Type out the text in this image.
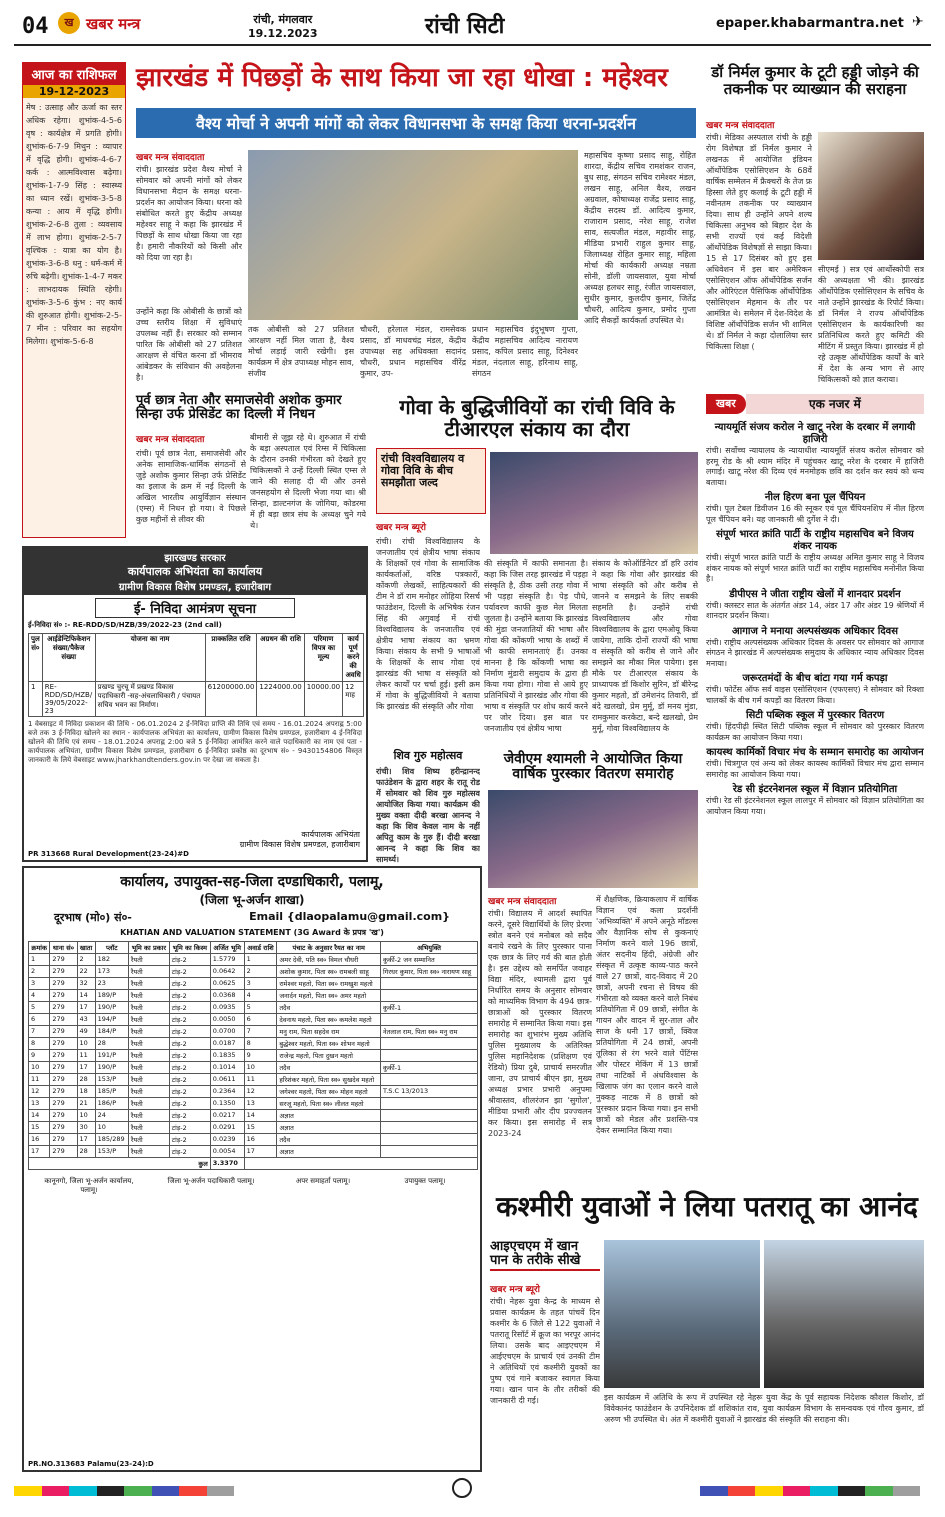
04	ख खबर मन्त्र	रांची, मंगलवार
19.12.2023	रांची सिटी	epaper.khabarmantra.net ✈
आज का राशिफल
19-12-2023
मेष : उत्साह और ऊर्जा का स्तर अधिक रहेगा। शुभांक-4-5-6 वृष : कार्यक्षेत्र में प्रगति होगी। शुभांक-6-7-9 मिथुन : व्यापार में वृद्धि होगी। शुभांक-4-6-7 कर्क : आत्मविश्वास बढ़ेगा। शुभांक-1-7-9 सिंह : स्वास्थ्य का ध्यान रखें। शुभांक-3-5-8 कन्या : आय में वृद्धि होगी। शुभांक-2-6-8 तुला : व्यवसाय में लाभ होगा। शुभांक-2-5-7 वृश्चिक : यात्रा का योग है। शुभांक-3-6-8 धनु : धर्म-कर्म में रुचि बढ़ेगी। शुभांक-1-4-7 मकर : लाभदायक स्थिति रहेगी। शुभांक-3-5-6 कुंभ : नए कार्य की शुरुआत होगी। शुभांक-2-5-7 मीन : परिवार का सहयोग मिलेगा। शुभांक-5-6-8
झारखंड में पिछड़ों के साथ किया जा रहा धोखा : महेश्वर
वैश्य मोर्चा ने अपनी मांगों को लेकर विधानसभा के समक्ष किया धरना-प्रदर्शन
खबर मन्त्र संवाददाता
रांची। झारखंड प्रदेश वैश्य मोर्चा ने सोमवार को अपनी मांगों को लेकर विधानसभा मैदान के समक्ष धरना-प्रदर्शन का आयोजन किया। धरना को संबोधित करते हुए केंद्रीय अध्यक्ष महेश्वर साहू ने कहा कि झारखंड में पिछड़ों के साथ धोखा किया जा रहा है। हमारी नौकरियों को किसी और को दिया जा रहा है।
उन्होंने कहा कि ओबीसी के छात्रों को उच्च स्तरीय शिक्षा में सुविधाएं उपलब्ध नहीं हैं। सरकार को सम्मान पारित कि ओबीसी को 27 प्रतिशत आरक्षण से वंचित करना डॉ भीमराव आंबेडकर के संविधान की अवहेलना है।
तक ओबीसी को 27 प्रतिशत आरक्षण नहीं मिल जाता है, वैश्य मोर्चा लड़ाई जारी रखेगी। इस कार्यक्रम में क्षेत्र उपाध्यक्ष मोहन साव, संजीव
चौधरी, हरेलाल मंडल, रामसेवक प्रसाद, डॉ माधवचंद्र मंडल, केंद्रीय उपाध्यक्ष सह अधिवक्ता सदानंद चौधरी, प्रधान महासचिव वीरेंद्र कुमार, उप-
प्रधान महासचिव इंदुभूषण गुप्ता, केंद्रीय महासचिव आदित्य नारायण प्रसाद, कपिल प्रसाद साहू, दिनेश्वर मंडल, नंदलाल साहू, हरिनाथ साहू, संगठन
महासचिव कृष्णा प्रसाद साहू, रोहित शारदा, केंद्रीय सचिव रामशंकर राजन, बुध साह, संगठन सचिव रामेश्वर मंडल, लखन साहू, अनिल वैश्य, लखन अग्रवाल, कोषाध्यक्ष राजेंद्र प्रसाद साहू, केंद्रीय सदस्य डॉ. आदित्य कुमार, राजाराम प्रसाद, नरेश साहू, राजेश साव, सत्यजीत मंडल, महावीर साहू, मीडिया प्रभारी राहुल कुमार साहू, जिलाध्यक्ष रोहित कुमार साहू, महिला मोर्चा की कार्यकारी अध्यक्ष नम्रता सोनी, डॉली जायसवाल, युवा मोर्चा अध्यक्ष हलधर साहू, रंजीत जायसवाल, सुधीर कुमार, कुलदीप कुमार, जितेंद्र चौधरी, आदित्य कुमार, प्रमोद गुप्ता आदि सैकड़ों कार्यकर्ता उपस्थित थे।
डॉ निर्मल कुमार के टूटी हड्डी जोड़ने की तकनीक पर व्याख्यान की सराहना
खबर मन्त्र संवाददाता
रांची। मेडिका अस्पताल रांची के हड्डी रोग विशेषज्ञ डॉ निर्मल कुमार ने लखनऊ में आयोजित इंडियन ऑर्थोपेडिक एसोसिएशन के 68वें वार्षिक सम्मेलन में फ्रैक्चरों के तेज फ्र हिस्सा लेते हुए कलाई के टूटी हड्डी में नवीनतम तकनीक पर व्याख्यान दिया। साथ ही उन्होंने अपने शल्य चिकित्सा अनुभव को बिहार देश के सभी राज्यों एवं कई विदेशी ऑर्थोपेडिक विशेषज्ञों से साझा किया। 15 से 17 दिसंबर को हुए इस अधिवेशन में इस बार अमेरिकन एसोसिएशन ऑफ ऑर्थोपेडिक सर्जन और ओरिएंटल पैसिफिक ऑर्थोपेडिक एसोसिएशन मेहमान के तौर पर आमंत्रित थे। समेलन में देश-विदेश के विशिष्ट ऑर्थोपेडिक सर्जन भी शामिल थे। डॉ निर्मल ने कहा दोलालिया स्तर चिकित्सा शिक्षा (
सीएमई ) सत्र एवं आर्थोस्कोपी सत्र की अध्यक्षता भी की। झारखंड ऑर्थोपेडिक एसोसिएशन के सचिव के नाते उन्होंने झारखंड के रिपोर्ट किया। डॉ निर्मल ने राज्य ऑर्थोपेडिक एसोसिएशन के कार्यकारिणी का प्रतिनिधित्व करते हुए कमिटी की मीटिंग में प्रस्तुत किया। झारखंड में हो रहे उत्कृष्ट ऑर्थोपेडिक कार्यों के बारे में देश के अन्य भाग से आए चिकित्सकों को ज्ञात कराया।
पूर्व छात्र नेता और समाजसेवी अशोक कुमार सिन्हा उर्फ प्रेसिडेंट का दिल्ली में निधन
खबर मन्त्र संवाददाता
रांची। पूर्व छात्र नेता, समाजसेवी और अनेक सामाजिक-धार्मिक संगठनों से जुड़े अशोक कुमार सिन्हा उर्फ प्रेसिडेंट का इलाज के क्रम में नई दिल्ली के अखिल भारतीय आयुर्विज्ञान संस्थान (एम्स) में निधन हो गया। वे पिछले कुछ महीनों से लीवर की
बीमारी से जूझ रहे थे। शुरुआत में रांची के बड़ा अस्पताल एवं रिम्स में चिकित्सा के दौरान उनकी गंभीरता को देखते हुए चिकित्सकों ने उन्हें दिल्ली स्थित एम्स ले जाने की सलाह दी थी और उनसे जनसहयोग से दिल्ली भेजा गया था। श्री सिन्हा, डाल्टनगंज के जोगिया, कोडरमा में ही बड़ा छात्र संघ के अध्यक्ष चुने गये थे।
गोवा के बुद्धिजीवियों का रांची विवि के टीआरएल संकाय का दौरा
रांची विश्वविद्यालय व गोवा विवि के बीच समझौता जल्द
खबर मन्त्र ब्यूरो
रांची। रांची विश्वविद्यालय के जनजातीय एवं क्षेत्रीय भाषा संकाय के शिक्षकों एवं गोवा के सामाजिक कार्यकर्ताओं, वरिष्ठ पत्रकारों, कोंकणी लेखकों, साहित्यकारों की टीम ने डॉ राम मनोहर लोहिया रिसर्च फाउंडेशन, दिल्ली के अभिषेक रंजन सिंह की अगुवाई में रांची विश्वविद्यालय के जनजातीय एवं क्षेत्रीय भाषा संकाय का भ्रमण किया। संकाय के सभी 9 भाषाओं के शिक्षकों के साथ गोवा एवं झारखंड की भाषा व संस्कृति को लेकर कार्यों पर चर्चा हुई। इसी क्रम में गोवा के बुद्धिजीवियों ने बताया कि झारखंड की संस्कृति और गोवा
की संस्कृति में काफी समानता है। कहा कि जिस तरह झारखंड में पड़हा संस्कृति है, ठीक उसी तरह गोवा में भी पड़हा संस्कृति है। पेड़ पौधे, पर्यावरण काफी कुछ मेल मिलता जुलता है। उन्होंने बताया कि झारखंड की मुंडा जनजातियों की भाषा और गोवा की कोंकणी भाषा के शब्दों में भी काफी समानताएं हैं। उनका मानना है कि कोंकणी भाषा का निर्माण मुंडारी समुदाय के द्वारा ही किया गया होगा। गोवा से आये हुए प्रतिनिधियों ने झारखंड और गोवा की भाषा व संस्कृति पर शोध कार्य करने पर जोर दिया। इस बात पर जनजातीय एवं क्षेत्रीय भाषा
संकाय के कोऑर्डिनेटर डॉ हरि उरांव ने कहा कि गोवा और झारखंड की भाषा संस्कृति को और करीब से जानने व समझने के लिए सबकी सहमति है। उन्होंने रांची विश्वविद्यालय और गोवा विश्वविद्यालय के द्वारा एमओयू किया जायेगा, ताकि दोनों राज्यों की भाषा व संस्कृति को करीब से जाने और समझने का मौका मिल पायेगा। इस मौके पर टीआरएल संकाय के प्राध्यापक डॉ किशोर सुरिन, डॉ बीरेन्द्र कुमार महतो, डॉ उमेशनंद तिवारी, डॉ बंदे खलखो, प्रेम मुर्मू, डॉ मनय मुंडा, रामकुमार करकेटा, बन्दे खलखो, प्रेम मुर्मू, गोवा विश्वविद्यालय के
शिव गुरु महोत्सव
रांची। शिव शिष्य हरीन्द्रानन्द फाउंडेशन के द्वारा शहर के रातू रोड में सोमवार को शिव गुरु महोत्सव आयोजित किया गया। कार्यक्रम की मुख्य वक्ता दीदी बरखा आनन्द ने कहा कि शिव केवल नाम के नहीं अपितु काम के गुरु हैं। दीदी बरखा आनन्द ने कहा कि शिव का सामर्थ्य।
जेवीएम श्यामली ने आयोजित किया वार्षिक पुरस्कार वितरण समारोह
खबर मन्त्र संवाददाता
रांची। विद्यालय में आदर्श स्थापित करने, दूसरे विद्यार्थियों के लिए प्रेरणा स्त्रोत बनने एवं मनोबल को सदैव बनाये रखने के लिए पुरस्कार पाना एक छात्र के लिए गर्व की बात होती है। इस उद्देश्य को समर्पित जवाहर विद्या मंदिर, श्यामली द्वारा पूर्व निर्धारित समय के अनुसार सोमवार को माध्यमिक विभाग के 494 छात्र-छात्राओं को पुरस्कार वितरण समारोह में सम्मानित किया गया। इस समारोह का शुभारंभ मुख्य अतिथि पुलिस मुख्यालय के अतिरिक्त पुलिस महानिदेशक (प्रशिक्षण एवं रेडियो) प्रिया दुबे, प्राचार्य समरजीत जाना, उप प्राचार्य बीएन झा, मुख्य अध्यक्ष प्रभार प्रभारी अनुपमा श्रीवास्तव, शीलरंजन झा 'सुगोल', मीडिया प्रभारी और दीप प्रज्ज्वलन कर किया। इस समारोह में सत्र 2023-24
में शैक्षणिक, क्रियाकलाप में वार्षिक विज्ञान एवं कला प्रदर्शनी 'अभिव्यक्ति' में अपने अनूठे मॉडल्स और वैज्ञानिक सोच से कुकनाएं निर्माण करने वाले 196 छात्रों, अंतर सदनीय हिंदी, अंग्रेजी और संस्कृत में उत्कृष्ट काव्य-पाठ करने वाले 27 छात्रों, वाद-विवाद में 20 छात्रों, अपनी रचना से विषय की गंभीरता को व्यक्त करने वाले निबंध प्रतियोगिता में 09 छात्रों, संगीत के गायन और वादन में सुर-ताल और साज के धनी 17 छात्रों, क्विज प्रतियोगिता में 24 छात्रों, अपनी तूलिका से रंग भरने वाले पेंटिंग्स और पोस्टर मेकिंग में 13 छात्रों तथा नाटिकों में अंधविश्वास के खिलाफ जंग का एलान करने वाले नुक्कड़ नाटक में 8 छात्रों को पुरस्कार प्रदान किया गया। इन सभी छात्रों को मेडल और प्रशस्ति-पत्र देकर सम्मानित किया गया।
झारखण्ड सरकार
कार्यपालक अभियंता का कार्यालय
ग्रामीण विकास विशेष प्रमण्डल, हजारीबाग
ई- निविदा आमंत्रण सूचना
ई-निविदा सं० :- RE-RDD/SD/HZB/39/2022-23 (2nd call)
पुल सं०	आईडेन्टिफिकेशन संख्या/पैकेज संख्या	योजना का नाम	प्राक्कलित राशि	अग्रधन की राशि	परिमाण विपत्र का मूल्य	कार्य पूर्ण करने की अवधि
1	RE-RDD/SD/HZB/ 39/05/2022-23	प्रखण्ड चुरचू में प्रखण्ड विकास पदाधिकारी -सह-अंचलाधिकारी / पंचायत सचिव भवन का निर्माण।	61200000.00	1224000.00	10000.00	12 माह
1 वेबसाइट में निविदा प्रकाशन की तिथि - 06.01.2024 2 ई-निविदा प्राप्ति की तिथि एवं समय - 16.01.2024 अपराह्न 5:00 बजे तक 3 ई-निविदा खोलने का स्थान - कार्यपालक अभियंता का कार्यालय, ग्रामीण विकास विशेष प्रमण्डल, हजारीबाग 4 ई-निविदा खोलने की तिथि एवं समय - 18.01.2024 अपराह्न 2:00 बजे 5 ई-निविदा आमंत्रित करने वाले पदाधिकारी का नाम एवं पता - कार्यपालक अभियंता, ग्रामीण विकास विशेष प्रमण्डल, हजारीबाग 6 ई-निविदा प्रकोष्ठ का दूरभाष सं० - 9430154806 विस्तृत जानकारी के लिये वेबसाइट www.jharkhandtenders.gov.in पर देखा जा सकता है।
कार्यपालक अभियंता
ग्रामीण विकास विशेष प्रमण्डल, हजारीबाग
PR 313668 Rural Development(23-24)#D
कार्यालय, उपायुक्त-सह-जिला दण्डाधिकारी, पलामू,
(जिला भू-अर्जन शाखा)
दूरभाष (मो०) सं०-	Email {dlaopalamu@gmail.com}
KHATIAN AND VALUATION STATEMENT (3G Award के प्रपत्र 'ख')
क्रमांक	थाना सं०	खाता	प्लॉट	भूमि का प्रकार	भूमि का किस्म	अर्जित भूमि	अवार्ड राशि	पंचाट के अनुसार रैयत का नाम	अभियुक्ति
1	279	2	182	रैयती	टांड़-2	1.5779	1	अमर देवी, पति स्व० विमल चौधरी	कुर्की-2 जन सम्मानित
2	279	22	173	रैयती	टांड़-2	0.0642	2	अशोक कुमार, पिता स्व० रामबली साहू	गिरधर कुमार, पिता स्व० नारायण साहू
3	279	32	23	रैयती	टांड़-2	0.0625	3	रामेश्वर महतो, पिता स्व० रामखुश महतो	
4	279	14	189/P	रैयती	टांड़-2	0.0368	4	जनार्दन महतो, पिता स्व० अमर महतो	
5	279	17	190/P	रैयती	टांड़-2	0.0935	5	तदैव	कुर्की-1
6	279	43	194/P	रैयती	टांड़-2	0.0050	6	देवनाथ महतो, पिता स्व० कमलेश महतो	
7	279	49	184/P	रैयती	टांड़-2	0.0700	7	मनु राम, पिता सहदेव राम	नेतलाल राम, पिता स्व० मनु राम
8	279	10	28	रैयती	टांड़-2	0.0187	8	बुद्धेश्वर महतो, पिता स्व० शोभन महतो	
9	279	11	191/P	रैयती	टांड़-2	0.1835	9	राजेन्द्र महतो, पिता दुखन महतो	
10	279	17	190/P	रैयती	टांड़-2	0.1014	10	तदैव	कुर्की-1
11	279	28	153/P	रैयती	टांड़-2	0.0611	11	हरिशंकर महतो, पिता स्व० सुखदेव महतो	
12	279	18	185/P	रैयती	टांड़-2	0.2364	12	जगेश्वर महतो, पिता स्व० मोहन महतो	T.S.C 13/2013
13	279	21	186/P	रैयती	टांड़-2	0.1350	13	सरजू महतो, पिता स्व० लीलत महतो	
14	279	10	24	रैयती	टांड़-2	0.0217	14	अज्ञात	
15	279	30	10	रैयती	टांड़-2	0.0291	15	अज्ञात	
16	279	17	185/289	रैयती	टांड़-2	0.0239	16	तदैव	
17	279	28	153/P	रैयती	टांड़-2	0.0054	17	अज्ञात	
कुल						3.3370			
कानूनगो, जिला भू-अर्जन कार्यालय, पलामू।
जिला भू-अर्जन पदाधिकारी पलामू।	अपर समाहर्ता पलामू।	उपायुक्त पलामू।
PR.NO.313683 Palamu(23-24):D
खबर	एक नजर में
न्यायमूर्ति संजय करोल ने खाटू नरेश के दरबार में लगायी हाजिरी
रांची। सर्वोच्च न्यायालय के न्यायाधीश न्यायमूर्ति संजय करोल सोमवार को हरमू रोड के श्री श्याम मंदिर में पहुंचकर खाटू नरेश के दरबार में हाजिरी लगाई। खाटू नरेश की दिव्य एवं मनमोहक छवि का दर्शन कर स्वयं को धन्य बताया।
नील हिरण बना पूल चैंपियन
रांची। पूल टेबल डिवीजन 16 की स्नूकर एवं पूल चैंपियनशिप में नील हिरण पूल चैंपियन बने। यह जानकारी श्री दुर्गेश ने दी।
संपूर्ण भारत क्रांति पार्टी के राष्ट्रीय महासचिव बने विजय शंकर नायक
रांची। संपूर्ण भारत क्रांति पार्टी के राष्ट्रीय अध्यक्ष अमित कुमार साहू ने विजय शंकर नायक को संपूर्ण भारत क्रांति पार्टी का राष्ट्रीय महासचिव मनोनीत किया है।
डीपीएस ने जीता राष्ट्रीय खेलों में शानदार प्रदर्शन
रांची। क्लस्टर सात के अंतर्गत अंडर 14, अंडर 17 और अंडर 19 श्रेणियों में शानदार प्रदर्शन किया।
आगाज ने मनाया अल्पसंख्यक अधिकार दिवस
रांची। राष्ट्रीय अल्पसंख्यक अधिकार दिवस के अवसर पर सोमवार को आगाज संगठन ने झारखंड में अल्पसंख्यक समुदाय के अधिकार न्याय अधिकार दिवस मनाया।
जरूरतमंदों के बीच बांटा गया गर्म कपड़ा
रांची। फोर्टेस ऑफ सर्व वाइस एसोसिएशन (एफएसए) ने सोमवार को रिक्शा चालकों के बीच गर्म कपड़ों का वितरण किया।
सिटी पब्लिक स्कूल में पुरस्कार वितरण
रांची। हिंदपीढ़ी स्थित सिटी पब्लिक स्कूल में सोमवार को पुरस्कार वितरण कार्यक्रम का आयोजन किया गया।
कायस्थ कार्मिकों विचार मंच के सम्मान समारोह का आयोजन
रांची। चित्रगुप्त एवं अन्य को लेकर कायस्थ कार्मिकों विचार मंच द्वारा सम्मान समारोह का आयोजन किया गया।
रेड सी इंटरनेशनल स्कूल में विज्ञान प्रतियोगिता
रांची। रेड सी इंटरनेशनल स्कूल लालपुर में सोमवार को विज्ञान प्रतियोगिता का आयोजन किया गया।
कश्मीरी युवाओं ने लिया पतरातू का आनंद
आइएचएम में खान पान के तरीके सीखे
खबर मन्त्र ब्यूरो
रांची। नेहरू युवा केन्द्र के माध्यम से प्रवास कार्यक्रम के तहत पांचवें दिन कश्मीर के 6 जिले से 122 युवाओं ने पतरातू रिसॉर्ट में क्रूज का भरपूर आनंद लिया। उसके बाद आइएचएम में आईएचएम के प्राचार्य एवं उनकी टीम ने अतिथियों एवं कश्मीरी युवकों का पुष्प एवं गाने बजाकर स्वागत किया गया। खान पान के तौर तरीकों की जानकारी दी गई।	इस कार्यक्रम में अतिथि के रूप में उपस्थित रहे नेहरू युवा केंद्र के पूर्व सहायक निदेशक कौशल किशोर, डॉ विवेकानंद फाउंडेशन के उपनिदेशक डॉ शशिकांत राव, युवा कार्यक्रम विभाग के समन्वयक एवं गौरव कुमार, डॉ अरुण भी उपस्थित थे। अंत में कश्मीरी युवाओं ने झारखंड की संस्कृति की सराहना की।
